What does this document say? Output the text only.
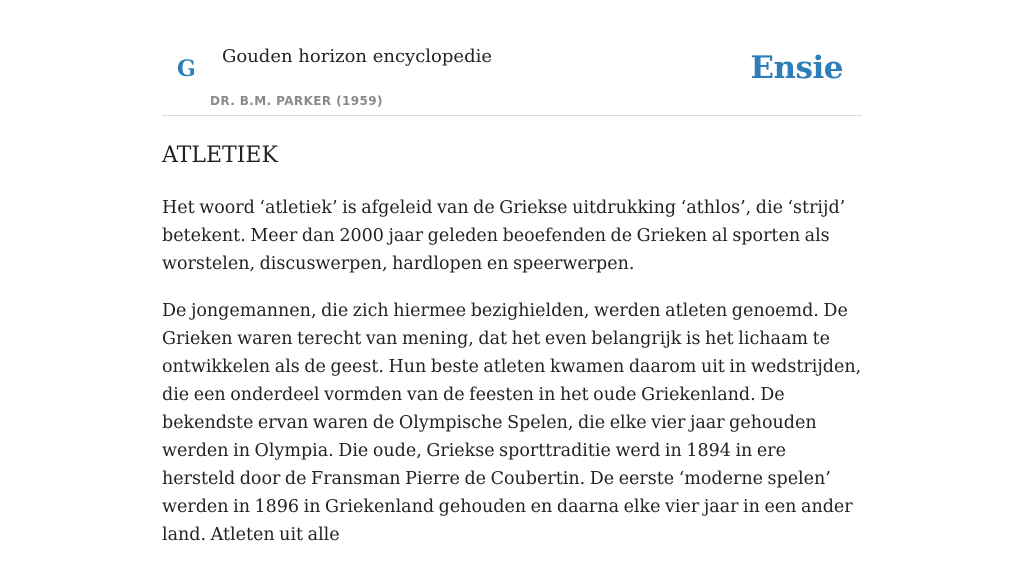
G Gouden horizon encyclopedie
DR. B.M. PARKER (1959)
Ensie
ATLETIEK

Het woord ‘atletiek’ is afgeleid van de Griekse uitdrukking ‘athlos’, die ‘strijd’ betekent. Meer dan 2000 jaar geleden beoefenden de Grieken al sporten als worstelen, discuswerpen, hardlopen en speerwerpen.

De jongemannen, die zich hiermee bezighielden, werden atleten genoemd. De Grieken waren terecht van mening, dat het even belangrijk is het lichaam te ontwikkelen als de geest. Hun beste atleten kwamen daarom uit in wedstrijden, die een onderdeel vormden van de feesten in het oude Griekenland. De bekendste ervan waren de Olympische Spelen, die elke vier jaar gehouden werden in Olympia. Die oude, Griekse sporttraditie werd in 1894 in ere hersteld door de Fransman Pierre de Coubertin. De eerste ‘moderne spelen’ werden in 1896 in Griekenland gehouden en daarna elke vier jaar in een ander land. Atleten uit alle
